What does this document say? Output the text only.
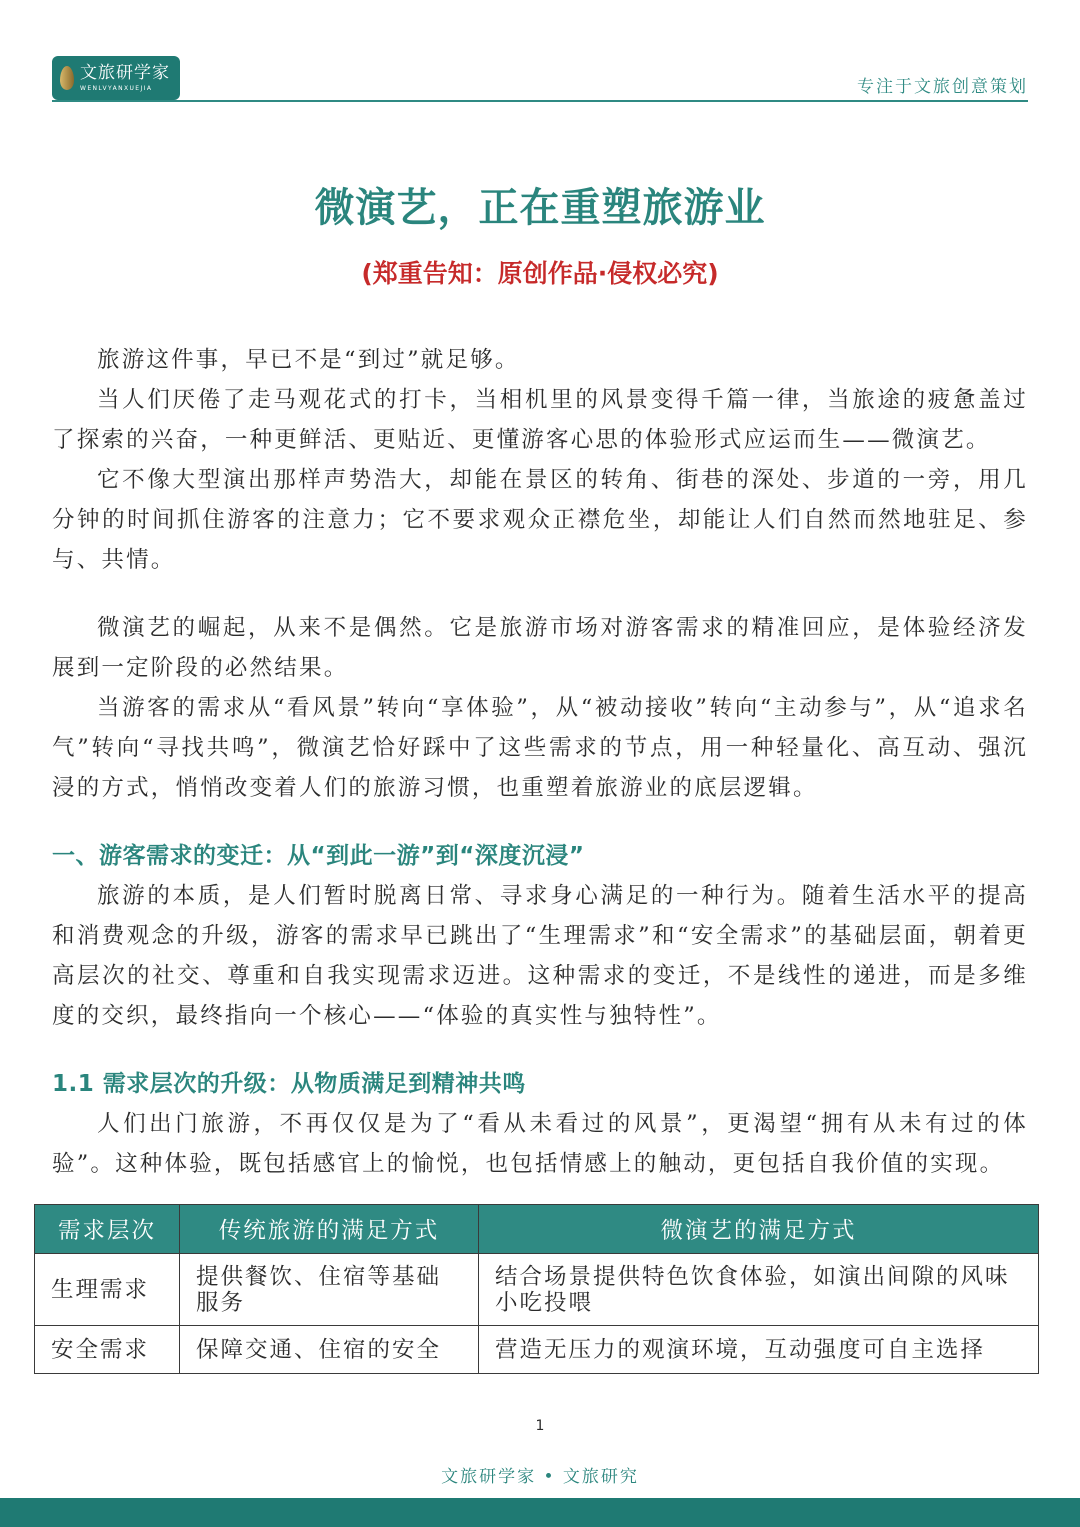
文旅研学家
WENLVYANXUEJIA	专注于文旅创意策划
微演艺，正在重塑旅游业
(郑重告知：原创作品·侵权必究)

旅游这件事，早已不是“到过”就足够。

当人们厌倦了走马观花式的打卡，当相机里的风景变得千篇一律，当旅途的疲惫盖过了探索的兴奋，一种更鲜活、更贴近、更懂游客心思的体验形式应运而生——微演艺。

它不像大型演出那样声势浩大，却能在景区的转角、街巷的深处、步道的一旁，用几分钟的时间抓住游客的注意力；它不要求观众正襟危坐，却能让人们自然而然地驻足、参与、共情。

微演艺的崛起，从来不是偶然。它是旅游市场对游客需求的精准回应，是体验经济发展到一定阶段的必然结果。

当游客的需求从“看风景”转向“享体验”，从“被动接收”转向“主动参与”，从“追求名气”转向“寻找共鸣”，微演艺恰好踩中了这些需求的节点，用一种轻量化、高互动、强沉浸的方式，悄悄改变着人们的旅游习惯，也重塑着旅游业的底层逻辑。

一、游客需求的变迁：从“到此一游”到“深度沉浸”

旅游的本质，是人们暂时脱离日常、寻求身心满足的一种行为。随着生活水平的提高和消费观念的升级，游客的需求早已跳出了“生理需求”和“安全需求”的基础层面，朝着更高层次的社交、尊重和自我实现需求迈进。这种需求的变迁，不是线性的递进，而是多维度的交织，最终指向一个核心——“体验的真实性与独特性”。

1.1 需求层次的升级：从物质满足到精神共鸣

人们出门旅游，不再仅仅是为了“看从未看过的风景”，更渴望“拥有从未有过的体验”。这种体验，既包括感官上的愉悦，也包括情感上的触动，更包括自我价值的实现。

需求层次	传统旅游的满足方式	微演艺的满足方式
生理需求	提供餐饮、住宿等基础服务	结合场景提供特色饮食体验，如演出间隙的风味小吃投喂
安全需求	保障交通、住宿的安全	营造无压力的观演环境，互动强度可自主选择
1
文旅研学家 • 文旅研究
